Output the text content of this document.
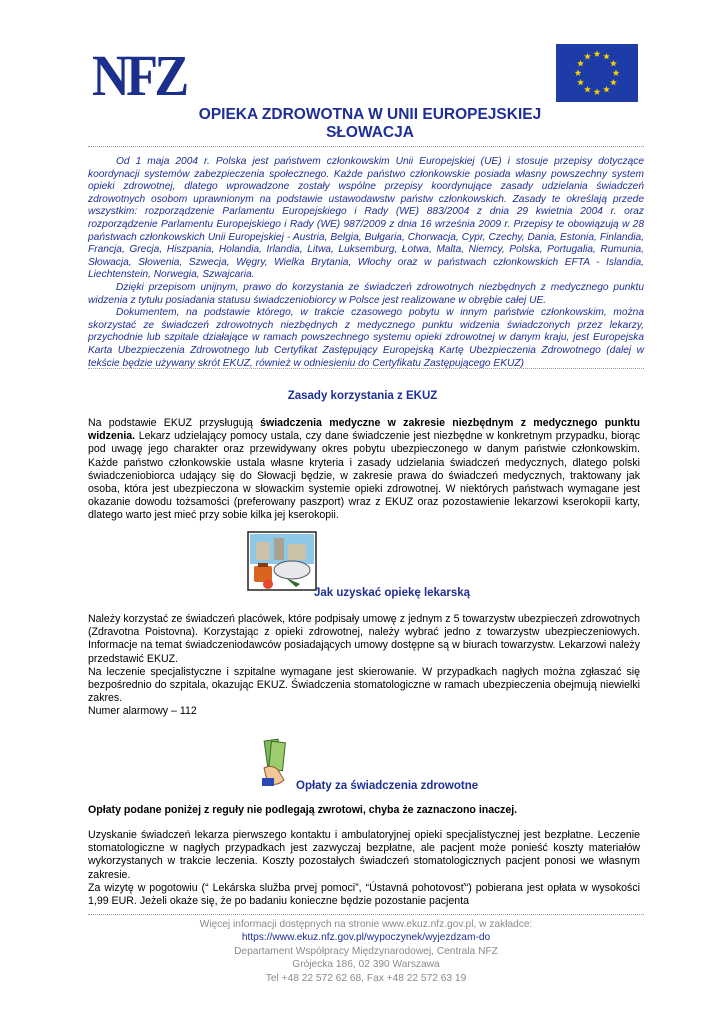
NFZ
OPIEKA ZDROWOTNA W UNII EUROPEJSKIEJ
SŁOWACJA

Od 1 maja 2004 r. Polska jest państwem członkowskim Unii Europejskiej (UE) i stosuje przepisy dotyczące koordynacji systemów zabezpieczenia społecznego. Każde państwo członkowskie posiada własny powszechny system opieki zdrowotnej, dlatego wprowadzone zostały wspólne przepisy koordynujące zasady udzielania świadczeń zdrowotnych osobom uprawnionym na podstawie ustawodawstw państw członkowskich. Zasady te określają przede wszystkim: rozporządzenie Parlamentu Europejskiego i Rady (WE) 883/2004 z dnia 29 kwietnia 2004 r. oraz rozporządzenie Parlamentu Europejskiego i Rady (WE) 987/2009 z dnia 16 września 2009 r. Przepisy te obowiązują w 28 państwach członkowskich Unii Europejskiej - Austria, Belgia, Bułgaria, Chorwacja, Cypr, Czechy, Dania, Estonia, Finlandia, Francja, Grecja, Hiszpania, Holandia, Irlandia, Litwa, Luksemburg, Łotwa, Malta, Niemcy, Polska, Portugalia, Rumunia, Słowacja, Słowenia, Szwecja, Węgry, Wielka Brytania, Włochy oraz w państwach członkowskich EFTA - Islandia, Liechtenstein, Norwegia, Szwajcaria.

Dzięki przepisom unijnym, prawo do korzystania ze świadczeń zdrowotnych niezbędnych z medycznego punktu widzenia z tytułu posiadania statusu świadczeniobiorcy w Polsce jest realizowane w obrębie całej UE.

Dokumentem, na podstawie którego, w trakcie czasowego pobytu w innym państwie członkowskim, można skorzystać ze świadczeń zdrowotnych niezbędnych z medycznego punktu widzenia świadczonych przez lekarzy, przychodnie lub szpitale działające w ramach powszechnego systemu opieki zdrowotnej w danym kraju, jest Europejska Karta Ubezpieczenia Zdrowotnego lub Certyfikat Zastępujący Europejską Kartę Ubezpieczenia Zdrowotnego (dalej w tekście będzie używany skrót EKUZ, również w odniesieniu do Certyfikatu Zastępującego EKUZ)

Zasady korzystania z EKUZ
Na podstawie EKUZ przysługują świadczenia medyczne w zakresie niezbędnym z medycznego punktu widzenia. Lekarz udzielający pomocy ustala, czy dane świadczenie jest niezbędne w konkretnym przypadku, biorąc pod uwagę jego charakter oraz przewidywany okres pobytu ubezpieczonego w danym państwie członkowskim. Każde państwo członkowskie ustala własne kryteria i zasady udzielania świadczeń medycznych, dlatego polski świadczeniobiorca udający się do Słowacji będzie, w zakresie prawa do świadczeń medycznych, traktowany jak osoba, która jest ubezpieczona w słowackim systemie opieki zdrowotnej. W niektórych państwach wymagane jest okazanie dowodu tożsamości (preferowany paszport) wraz z EKUZ oraz pozostawienie lekarzowi kserokopii karty, dlatego warto jest mieć przy sobie kilka jej kserokopii.
Jak uzyskać opiekę lekarską

Należy korzystać ze świadczeń placówek, które podpisały umowę z jednym z 5 towarzystw ubezpieczeń zdrowotnych (Zdravotna Poistovna). Korzystając z opieki zdrowotnej, należy wybrać jedno z towarzystw ubezpieczeniowych. Informacje na temat świadczeniodawców posiadających umowy dostępne są w biurach towarzystw. Lekarzowi należy przedstawić EKUZ.

Na leczenie specjalistyczne i szpitalne wymagane jest skierowanie. W przypadkach nagłych można zgłaszać się bezpośrednio do szpitala, okazując EKUZ. Świadczenia stomatologiczne w ramach ubezpieczenia obejmują niewielki zakres.

Numer alarmowy – 112

Opłaty za świadczenia zdrowotne
Opłaty podane poniżej z reguły nie podlegają zwrotowi, chyba że zaznaczono inaczej.

Uzyskanie świadczeń lekarza pierwszego kontaktu i ambulatoryjnej opieki specjalistycznej jest bezpłatne. Leczenie stomatologiczne w nagłych przypadkach jest zazwyczaj bezpłatne, ale pacjent może ponieść koszty materiałów wykorzystanych w trakcie leczenia. Koszty pozostałych świadczeń stomatologicznych pacjent ponosi we własnym zakresie.

Za wizytę w pogotowiu (“ Lekárska služba prvej pomoci”, “Ústavná pohotovosť“) pobierana jest opłata w wysokości 1,99 EUR. Jeżeli okaże się, że po badaniu konieczne będzie pozostanie pacjenta

Więcej informacji dostępnych na stronie www.ekuz.nfz.gov.pl, w zakładce:
https://www.ekuz.nfz.gov.pl/wypoczynek/wyjezdzam-do
Departament Współpracy Międzynarodowej, Centrala NFZ
Grójecka 186, 02 390 Warszawa
Tel +48 22 572 62 68, Fax +48 22 572 63 19
